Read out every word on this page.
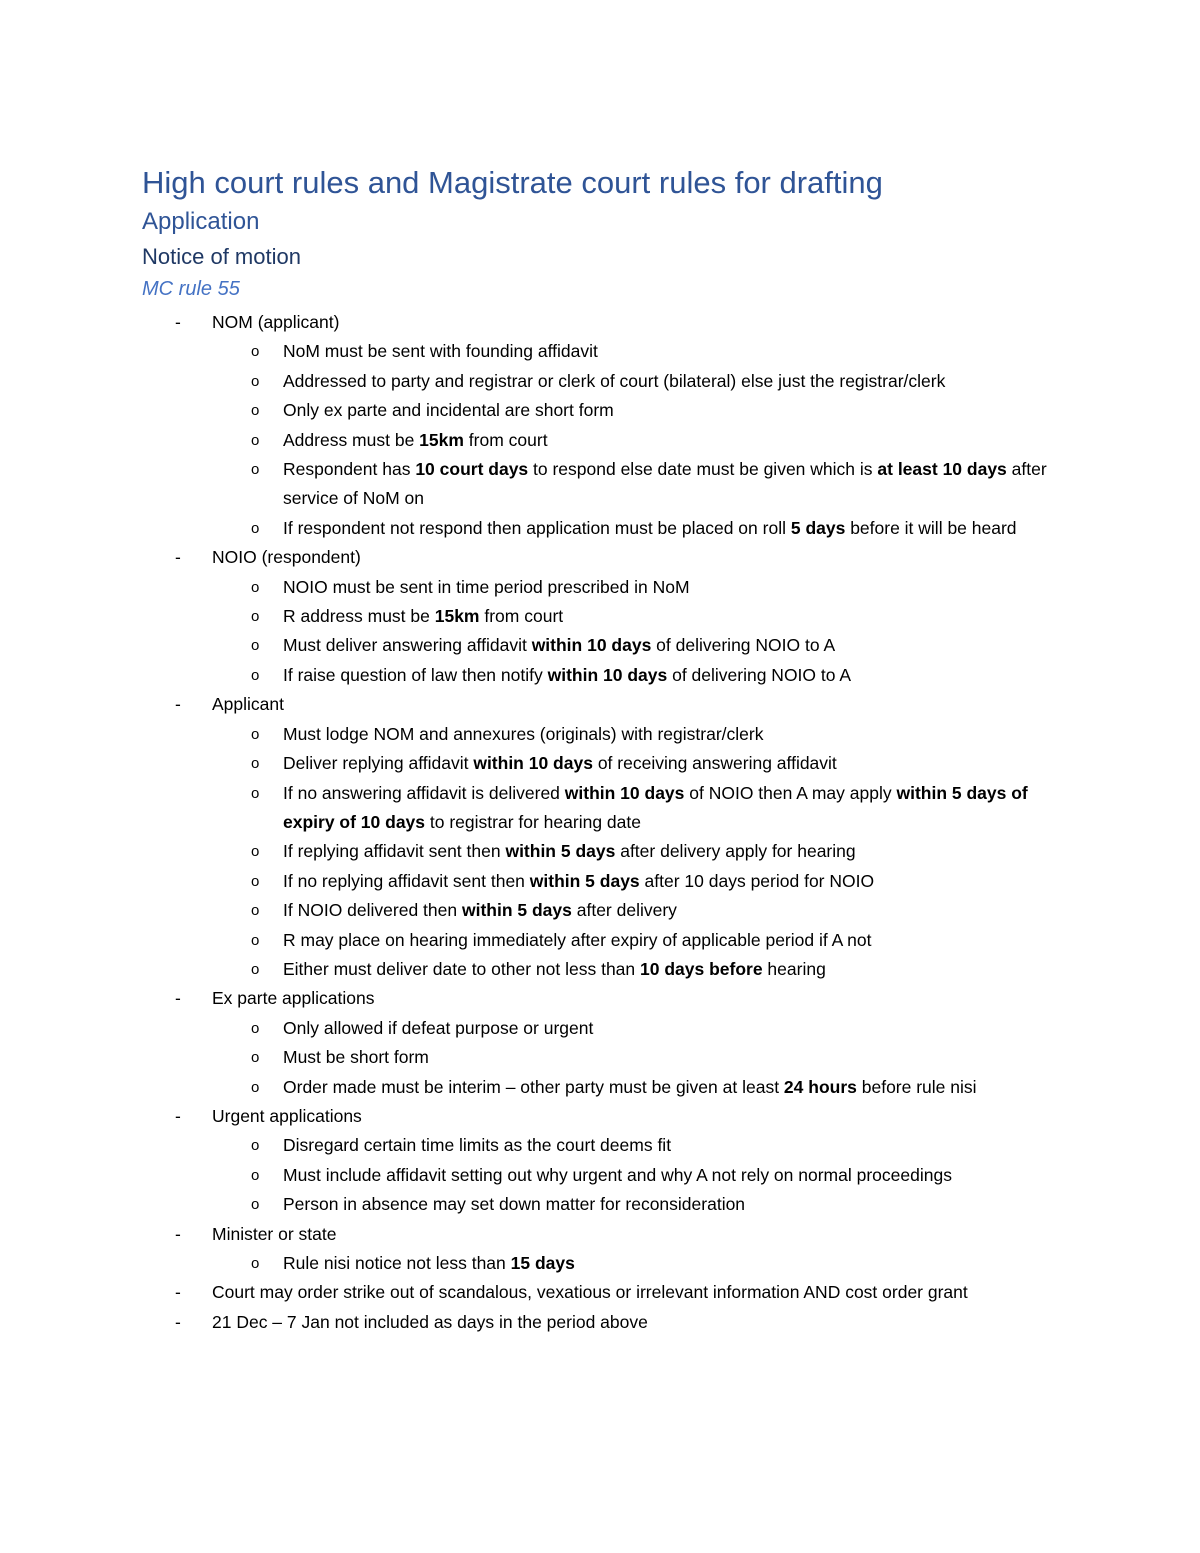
High court rules and Magistrate court rules for drafting
Application
Notice of motion
MC rule 55
- NOM (applicant)
o NoM must be sent with founding affidavit
o Addressed to party and registrar or clerk of court (bilateral) else just the registrar/clerk
o Only ex parte and incidental are short form
o Address must be 15km from court
o Respondent has 10 court days to respond else date must be given which is at least 10 days after service of NoM on
o If respondent not respond then application must be placed on roll 5 days before it will be heard
- NOIO (respondent)
o NOIO must be sent in time period prescribed in NoM
o R address must be 15km from court
o Must deliver answering affidavit within 10 days of delivering NOIO to A
o If raise question of law then notify within 10 days of delivering NOIO to A
- Applicant
o Must lodge NOM and annexures (originals) with registrar/clerk
o Deliver replying affidavit within 10 days of receiving answering affidavit
o If no answering affidavit is delivered within 10 days of NOIO then A may apply within 5 days of expiry of 10 days to registrar for hearing date
o If replying affidavit sent then within 5 days after delivery apply for hearing
o If no replying affidavit sent then within 5 days after 10 days period for NOIO
o If NOIO delivered then within 5 days after delivery
o R may place on hearing immediately after expiry of applicable period if A not
o Either must deliver date to other not less than 10 days before hearing
- Ex parte applications
o Only allowed if defeat purpose or urgent
o Must be short form
o Order made must be interim – other party must be given at least 24 hours before rule nisi
- Urgent applications
o Disregard certain time limits as the court deems fit
o Must include affidavit setting out why urgent and why A not rely on normal proceedings
o Person in absence may set down matter for reconsideration
- Minister or state
o Rule nisi notice not less than 15 days
- Court may order strike out of scandalous, vexatious or irrelevant information AND cost order grant
- 21 Dec – 7 Jan not included as days in the period above
